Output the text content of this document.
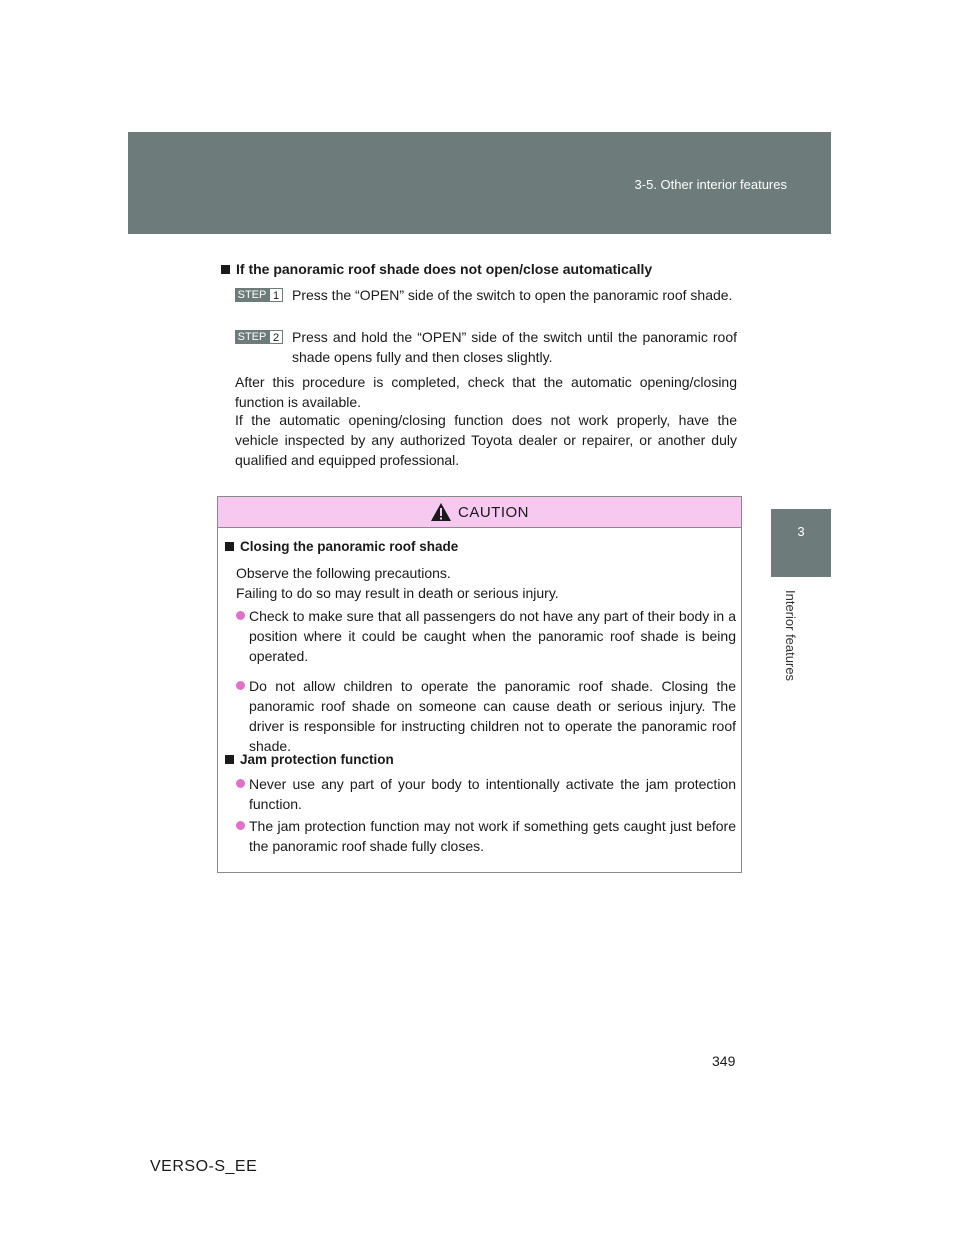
3-5. Other interior features
3
Interior features
If the panoramic roof shade does not open/close automatically
STEP 1 Press the “OPEN” side of the switch to open the panoramic roof shade.
STEP 2 Press and hold the “OPEN” side of the switch until the panoramic roof shade opens fully and then closes slightly.

After this procedure is completed, check that the automatic opening/closing function is available.

If the automatic opening/closing function does not work properly, have the vehicle inspected by any authorized Toyota dealer or repairer, or another duly qualified and equipped professional.

CAUTION
Closing the panoramic roof shade

Observe the following precautions.

Failing to do so may result in death or serious injury.

Check to make sure that all passengers do not have any part of their body in a position where it could be caught when the panoramic roof shade is being operated.
Do not allow children to operate the panoramic roof shade. Closing the panoramic roof shade on someone can cause death or serious injury. The driver is responsible for instructing children not to operate the panoramic roof shade.
Jam protection function
Never use any part of your body to intentionally activate the jam protection function.
The jam protection function may not work if something gets caught just before the panoramic roof shade fully closes.
349
VERSO-S_EE
